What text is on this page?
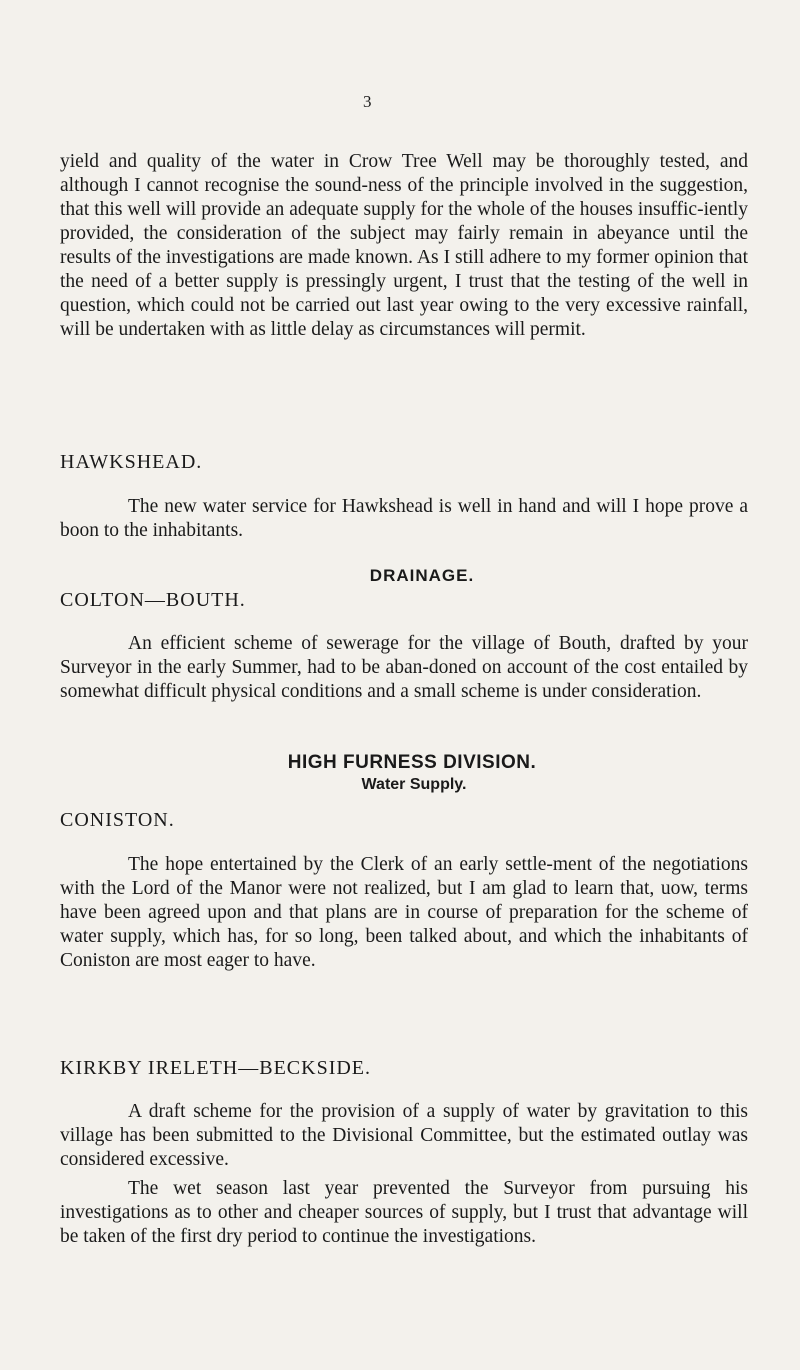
3

yield and quality of the water in Crow Tree Well may be thoroughly tested, and although I cannot recognise the sound-ness of the principle involved in the suggestion, that this well will provide an adequate supply for the whole of the houses insuffic-iently provided, the consideration of the subject may fairly remain in abeyance until the results of the investigations are made known. As I still adhere to my former opinion that the need of a better supply is pressingly urgent, I trust that the testing of the well in question, which could not be carried out last year owing to the very excessive rainfall, will be undertaken with as little delay as circumstances will permit.

HAWKSHEAD.

The new water service for Hawkshead is well in hand and will I hope prove a boon to the inhabitants.

DRAINAGE.

COLTON—BOUTH.

An efficient scheme of sewerage for the village of Bouth, drafted by your Surveyor in the early Summer, had to be aban-doned on account of the cost entailed by somewhat difficult physical conditions and a small scheme is under consideration.

HIGH FURNESS DIVISION.

Water Supply.

CONISTON.

The hope entertained by the Clerk of an early settle-ment of the negotiations with the Lord of the Manor were not realized, but I am glad to learn that, uow, terms have been agreed upon and that plans are in course of preparation for the scheme of water supply, which has, for so long, been talked about, and which the inhabitants of Coniston are most eager to have.

KIRKBY IRELETH—BECKSIDE.

A draft scheme for the provision of a supply of water by gravitation to this village has been submitted to the Divisional Committee, but the estimated outlay was considered excessive.

The wet season last year prevented the Surveyor from pursuing his investigations as to other and cheaper sources of supply, but I trust that advantage will be taken of the first dry period to continue the investigations.
